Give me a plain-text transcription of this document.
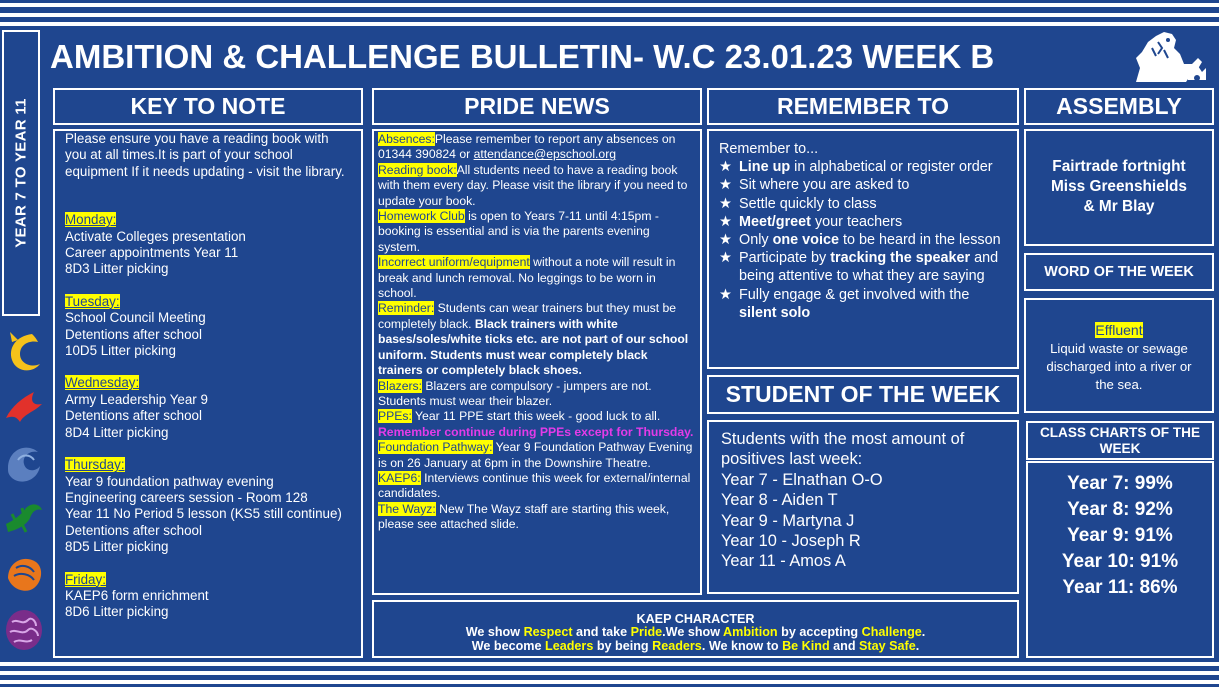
AMBITION & CHALLENGE BULLETIN- W.C 23.01.23 WEEK B
YEAR 7 TO YEAR 11	KEY TO NOTE
Please ensure you have a reading book with you at all times.It is part of your school equipment If it needs updating - visit the library.
Monday:
Activate Colleges presentation
Career appointments Year 11
8D3 Litter picking
Tuesday:
School Council Meeting
Detentions after school
10D5 Litter picking
Wednesday:
Army Leadership Year 9
Detentions after school
8D4 Litter picking
Thursday:
Year 9 foundation pathway evening
Engineering careers session - Room 128
Year 11 No Period 5 lesson (KS5 still continue)
Detentions after school
8D5 Litter picking
Friday:
KAEP6 form enrichment
8D6 Litter picking
PRIDE NEWS
Absences:Please remember to report any absences on 01344 390824 or attendance@epschool.org
Reading book:All students need to have a reading book with them every day. Please visit the library if you need to update your book.
Homework Club is open to Years 7-11 until 4:15pm - booking is essential and is via the parents evening system.
Incorrect uniform/equipment without a note will result in break and lunch removal. No leggings to be worn in school.
Reminder: Students can wear trainers but they must be completely black. Black trainers with white bases/soles/white ticks etc. are not part of our school uniform. Students must wear completely black trainers or completely black shoes.
Blazers: Blazers are compulsory - jumpers are not. Students must wear their blazer.
PPEs: Year 11 PPE start this week - good luck to all.
Remember continue during PPEs except for Thursday.
Foundation Pathway: Year 9 Foundation Pathway Evening is on 26 January at 6pm in the Downshire Theatre.
KAEP6: Interviews continue this week for external/internal candidates.
The Wayz: New The Wayz staff are starting this week, please see attached slide.
REMEMBER TO
Remember to...
★ Line up in alphabetical or register order
★ Sit where you are asked to
★ Settle quickly to class
★ Meet/greet your teachers
★ Only one voice to be heard in the lesson
★ Participate by tracking the speaker and being attentive to what they are saying
★ Fully engage & get involved with the silent solo
STUDENT OF THE WEEK
Students with the most amount of positives last week:
Year 7 - Elnathan O-O
Year 8 - Aiden T
Year 9 - Martyna J
Year 10 - Joseph R
Year 11 - Amos A
KAEP CHARACTER
We show Respect and take Pride.We show Ambition by accepting Challenge.
We become Leaders by being Readers. We know to Be Kind and Stay Safe.
ASSEMBLY
Fairtrade fortnight
Miss Greenshields
& Mr Blay
WORD OF THE WEEK
Effluent
Liquid waste or sewage discharged into a river or the sea.
CLASS CHARTS OF THE WEEK
Year 7: 99%
Year 8: 92%
Year 9: 91%
Year 10: 91%
Year 11: 86%
